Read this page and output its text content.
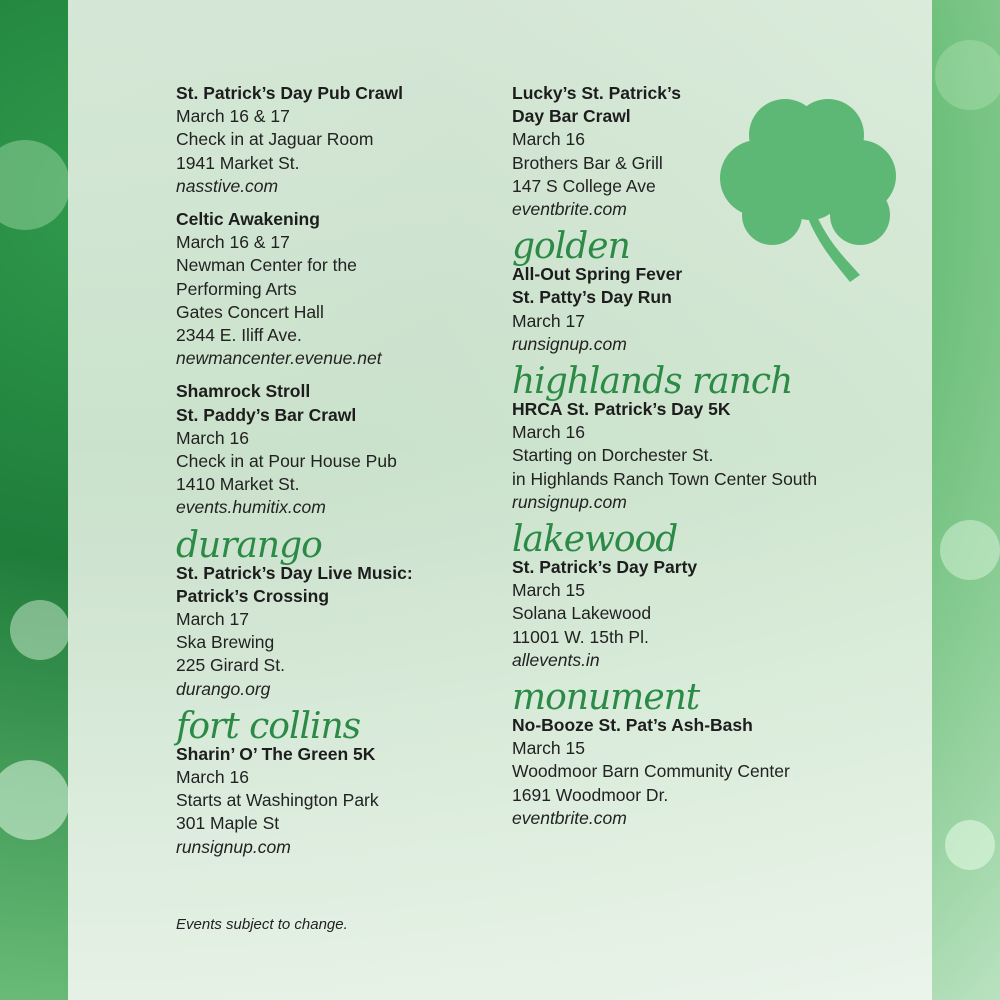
St. Patrick’s Day Pub Crawl
March 16 & 17
Check in at Jaguar Room
1941 Market St.
nasstive.com
Celtic Awakening
March 16 & 17
Newman Center for the
Performing Arts
Gates Concert Hall
2344 E. Iliff Ave.
newmancenter.evenue.net
Shamrock Stroll
St. Paddy’s Bar Crawl
March 16
Check in at Pour House Pub
1410 Market St.
events.humitix.com
durango
St. Patrick’s Day Live Music:
Patrick’s Crossing
March 17
Ska Brewing
225 Girard St.
durango.org
fort collins
Sharin’ O’ The Green 5K
March 16
Starts at Washington Park
301 Maple St
runsignup.com
Lucky’s St. Patrick’s
Day Bar Crawl
March 16
Brothers Bar & Grill
147 S College Ave
eventbrite.com
golden
All-Out Spring Fever
St. Patty’s Day Run
March 17
runsignup.com
highlands ranch
HRCA St. Patrick’s Day 5K
March 16
Starting on Dorchester St.
in Highlands Ranch Town Center South
runsignup.com
lakewood
St. Patrick’s Day Party
March 15
Solana Lakewood
11001 W. 15th Pl.
allevents.in
monument
No-Booze St. Pat’s Ash-Bash
March 15
Woodmoor Barn Community Center
1691 Woodmoor Dr.
eventbrite.com
Events subject to change.
